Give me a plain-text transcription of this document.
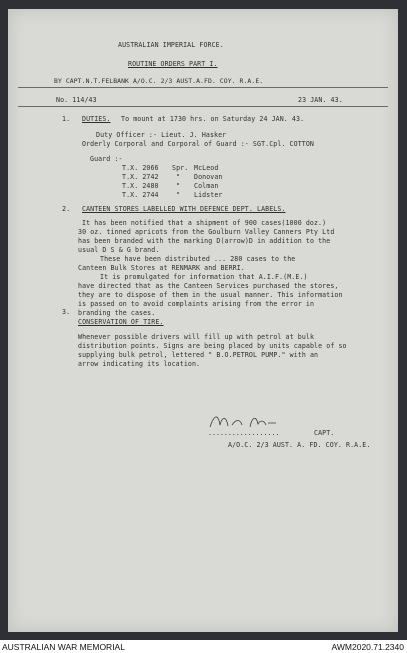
AUSTRALIAN IMPERIAL FORCE.
ROUTINE ORDERS PART I.
BY CAPT.N.T.FELBANK A/O.C. 2/3 AUST.A.FD. COY. R.A.E.
No. 114/43	23 JAN. 43.
1. DUTIES. To mount at 1730 hrs. on Saturday 24 JAN. 43.
Duty Officer :- Lieut. J. Hasker
Orderly Corporal and Corporal of Guard :- SGT.Cpl. COTTON
Guard :-
T.X. 2066 Spr. McLeod
T.X. 2742	" Donovan
T.X. 2480	" Colman
T.X. 2744	" Lidster
2. CANTEEN STORES LABELLED WITH DEFENCE DEPT. LABELS.
It has been notified that a shipment of 900 cases(1000 doz.)
30 oz. tinned apricots from the Goulburn Valley Canners Pty Ltd
has been branded with the marking D(arrow)D in addition to the
usual D S & G brand.
These have been distributed ... 280 cases to the
Canteen Bulk Stores at RENMARK and BERRI.
It is promulgated for information that A.I.F.(M.E.)
have directed that as the Canteen Services purchased the stores,
they are to dispose of them in the usual manner. This information
is passed on to avoid complaints arising from the error in
branding the cases.
3.
CONSERVATION OF TIRE.
Whenever possible drivers will fill up with petrol at bulk
distribution points. Signs are being placed by units capable of so
supplying bulk petrol, lettered " B.O.PETROL PUMP." with an
arrow indicating its location.
..................	CAPT.
A/O.C. 2/3 AUST. A. FD. COY. R.A.E.
AUSTRALIAN WAR MEMORIAL	AWM2020.71.2340
